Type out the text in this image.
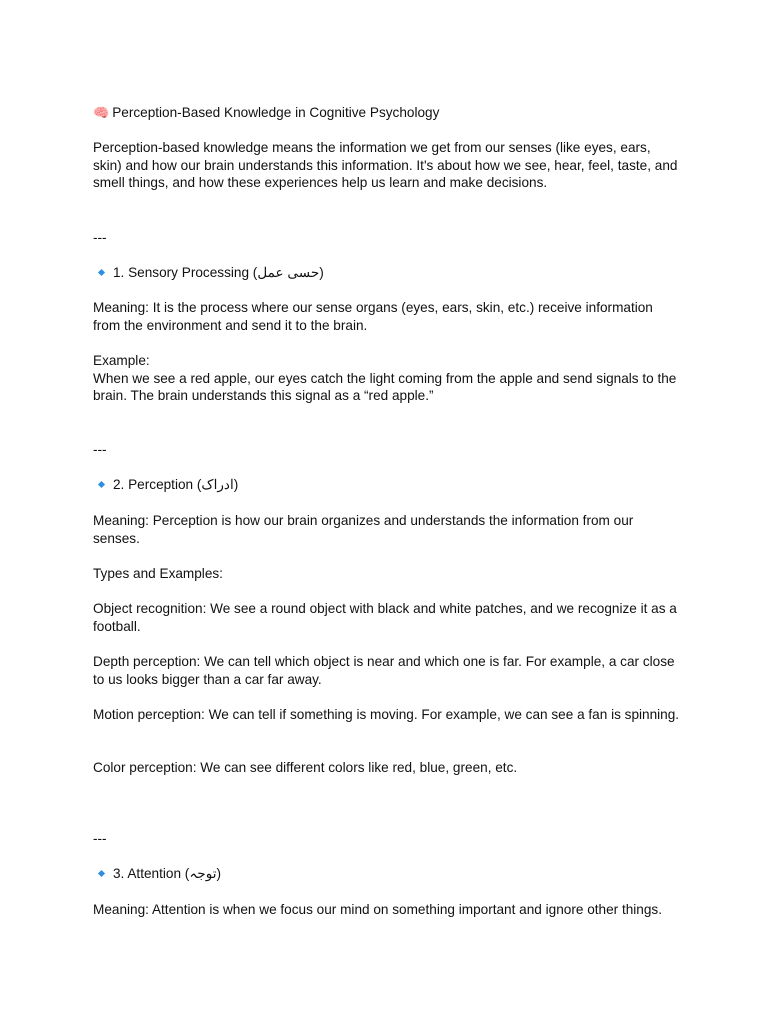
🧠 Perception-Based Knowledge in Cognitive Psychology

Perception-based knowledge means the information we get from our senses (like eyes, ears, skin) and how our brain understands this information. It's about how we see, hear, feel, taste, and smell things, and how these experiences help us learn and make decisions.

---

1. Sensory Processing (حسی عمل)

Meaning: It is the process where our sense organs (eyes, ears, skin, etc.) receive information from the environment and send it to the brain.

Example:
When we see a red apple, our eyes catch the light coming from the apple and send signals to the brain. The brain understands this signal as a “red apple.”

---

2. Perception (ادراک)

Meaning: Perception is how our brain organizes and understands the information from our senses.

Types and Examples:

Object recognition: We see a round object with black and white patches, and we recognize it as a football.

Depth perception: We can tell which object is near and which one is far. For example, a car close to us looks bigger than a car far away.

Motion perception: We can tell if something is moving. For example, we can see a fan is spinning.

Color perception: We can see different colors like red, blue, green, etc.

---

3. Attention (توجہ)

Meaning: Attention is when we focus our mind on something important and ignore other things.
